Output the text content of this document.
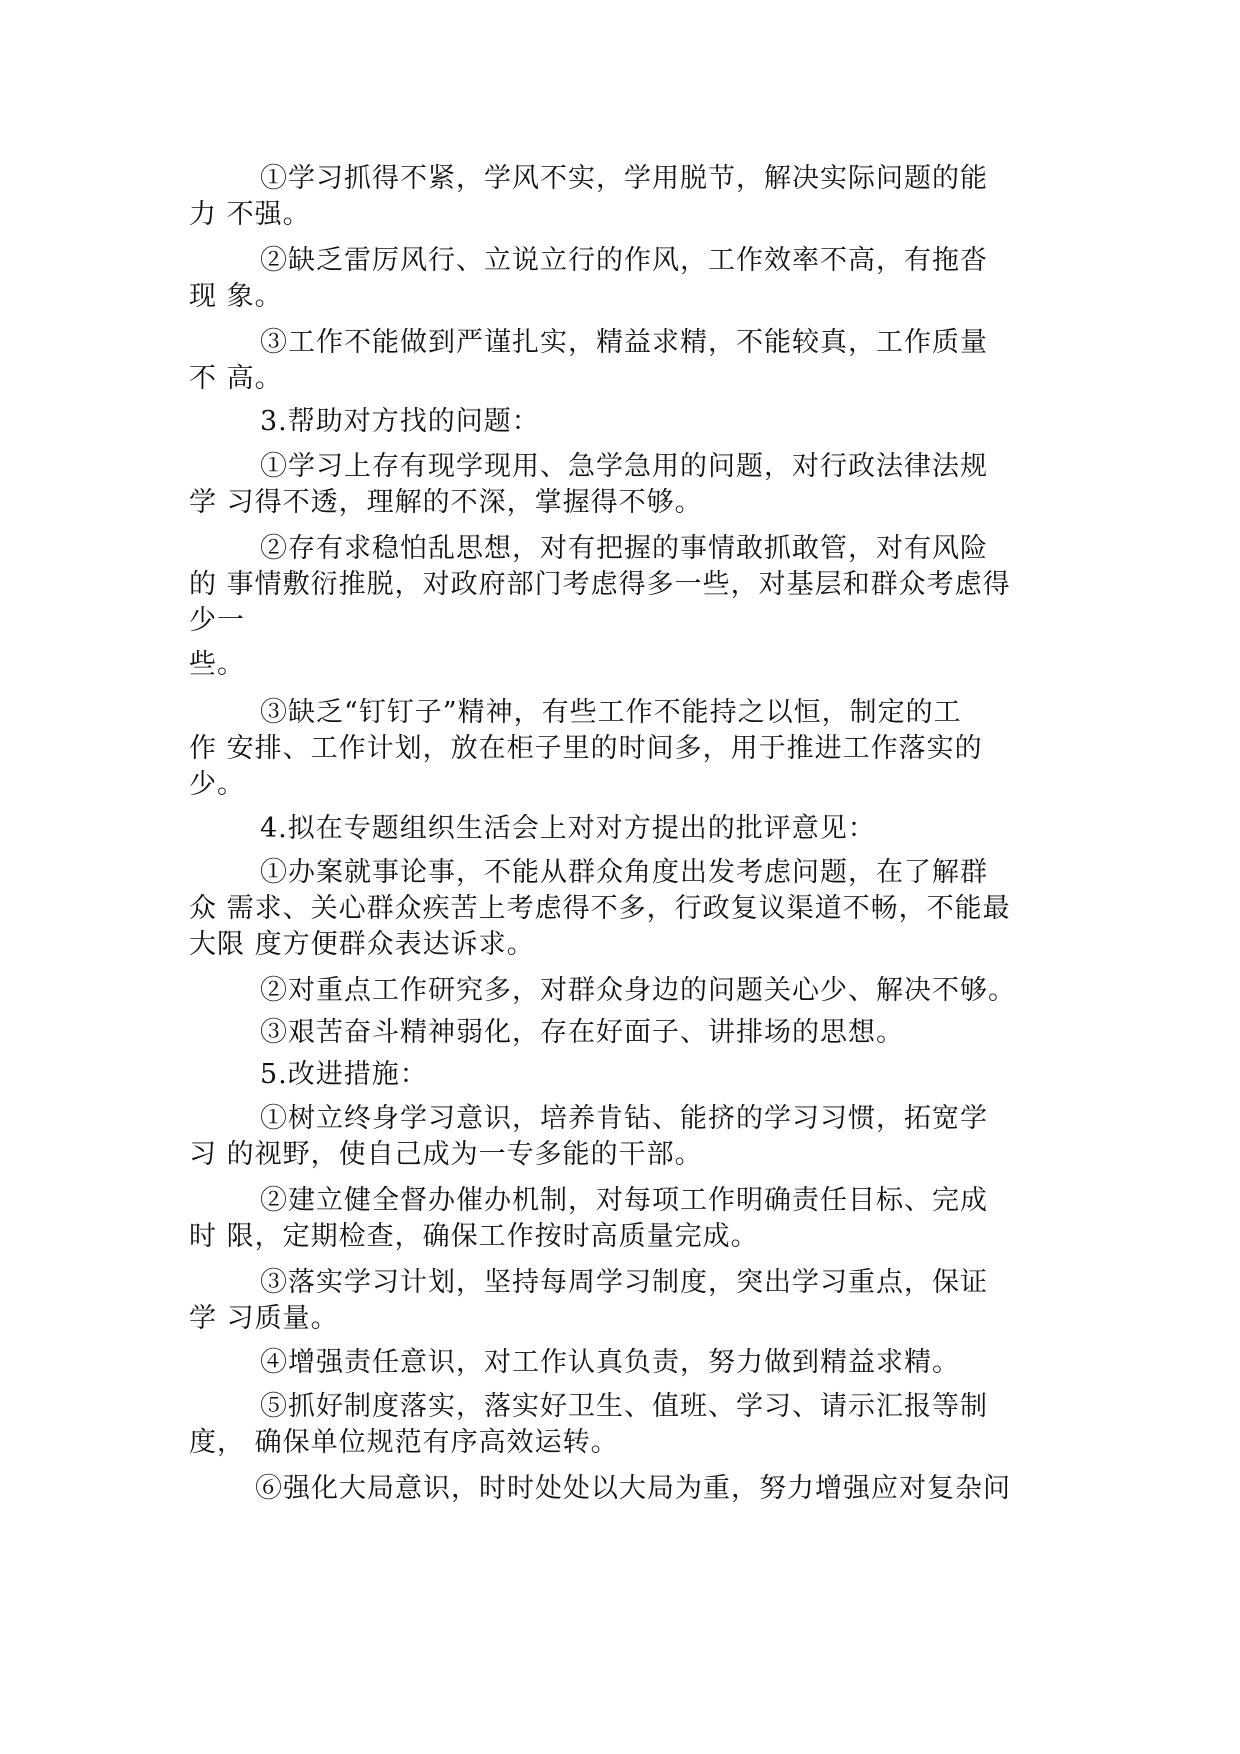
①学习抓得不紧，学风不实，学用脱节，解决实际问题的能
力 不强。
②缺乏雷厉风行、立说立行的作风，工作效率不高，有拖沓
现 象。
③工作不能做到严谨扎实，精益求精，不能较真，工作质量
不 高。
3.帮助对方找的问题：
①学习上存有现学现用、急学急用的问题，对行政法律法规
学 习得不透，理解的不深，掌握得不够。
②存有求稳怕乱思想，对有把握的事情敢抓敢管，对有风险
的 事情敷衍推脱，对政府部门考虑得多一些，对基层和群众考虑得
少一
些。
③缺乏“钉钉子”精神，有些工作不能持之以恒，制定的工
作 安排、工作计划，放在柜子里的时间多，用于推进工作落实的
少。
4.拟在专题组织生活会上对对方提出的批评意见：
①办案就事论事，不能从群众角度出发考虑问题，在了解群
众 需求、关心群众疾苦上考虑得不多，行政复议渠道不畅，不能最
大限 度方便群众表达诉求。
②对重点工作研究多，对群众身边的问题关心少、解决不够。
③艰苦奋斗精神弱化，存在好面子、讲排场的思想。
5.改进措施：
①树立终身学习意识，培养肯钻、能挤的学习习惯，拓宽学
习 的视野，使自己成为一专多能的干部。
②建立健全督办催办机制，对每项工作明确责任目标、完成
时 限，定期检查，确保工作按时高质量完成。
③落实学习计划，坚持每周学习制度，突出学习重点，保证
学 习质量。
④增强责任意识，对工作认真负责，努力做到精益求精。
⑤抓好制度落实，落实好卫生、值班、学习、请示汇报等制
度， 确保单位规范有序高效运转。
⑥强化大局意识，时时处处以大局为重，努力增强应对复杂问
